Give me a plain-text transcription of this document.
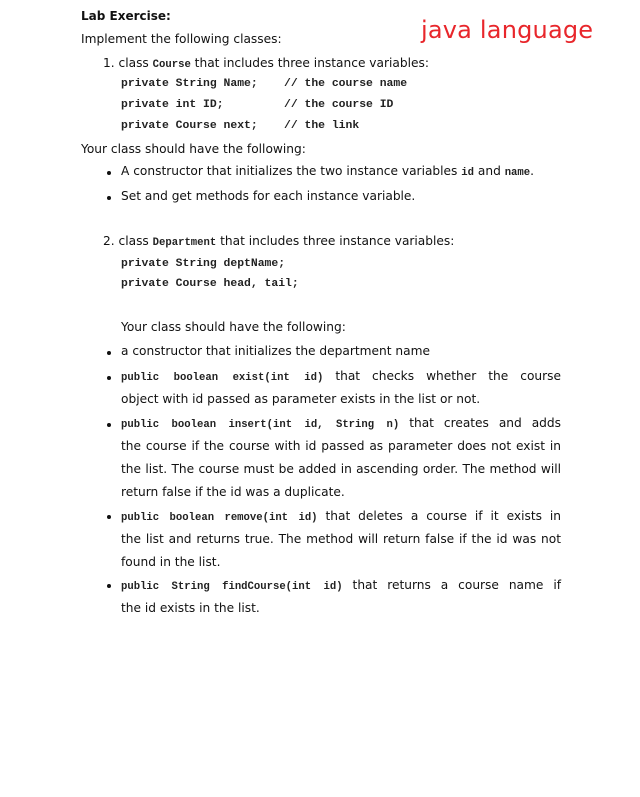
Lab Exercise:	java language
Implement the following classes:
1. class Course that includes three instance variables:
private String Name; // the course name
private int ID;	// the course ID
private Course next; // the link
Your class should have the following:
A constructor that initializes the two instance variables id and name.
Set and get methods for each instance variable.
2. class Department that includes three instance variables:
private String deptName;
private Course head, tail;
Your class should have the following:
a constructor that initializes the department name
public boolean exist(int id) that checks whether the course
object with id passed as parameter exists in the list or not.
public boolean insert(int id, String n) that creates and adds
the course if the course with id passed as parameter does not exist in
the list. The course must be added in ascending order. The method will
return false if the id was a duplicate.
public boolean remove(int id) that deletes a course if it exists in
the list and returns true. The method will return false if the id was not
found in the list.
public String findCourse(int id) that returns a course name if
the id exists in the list.
